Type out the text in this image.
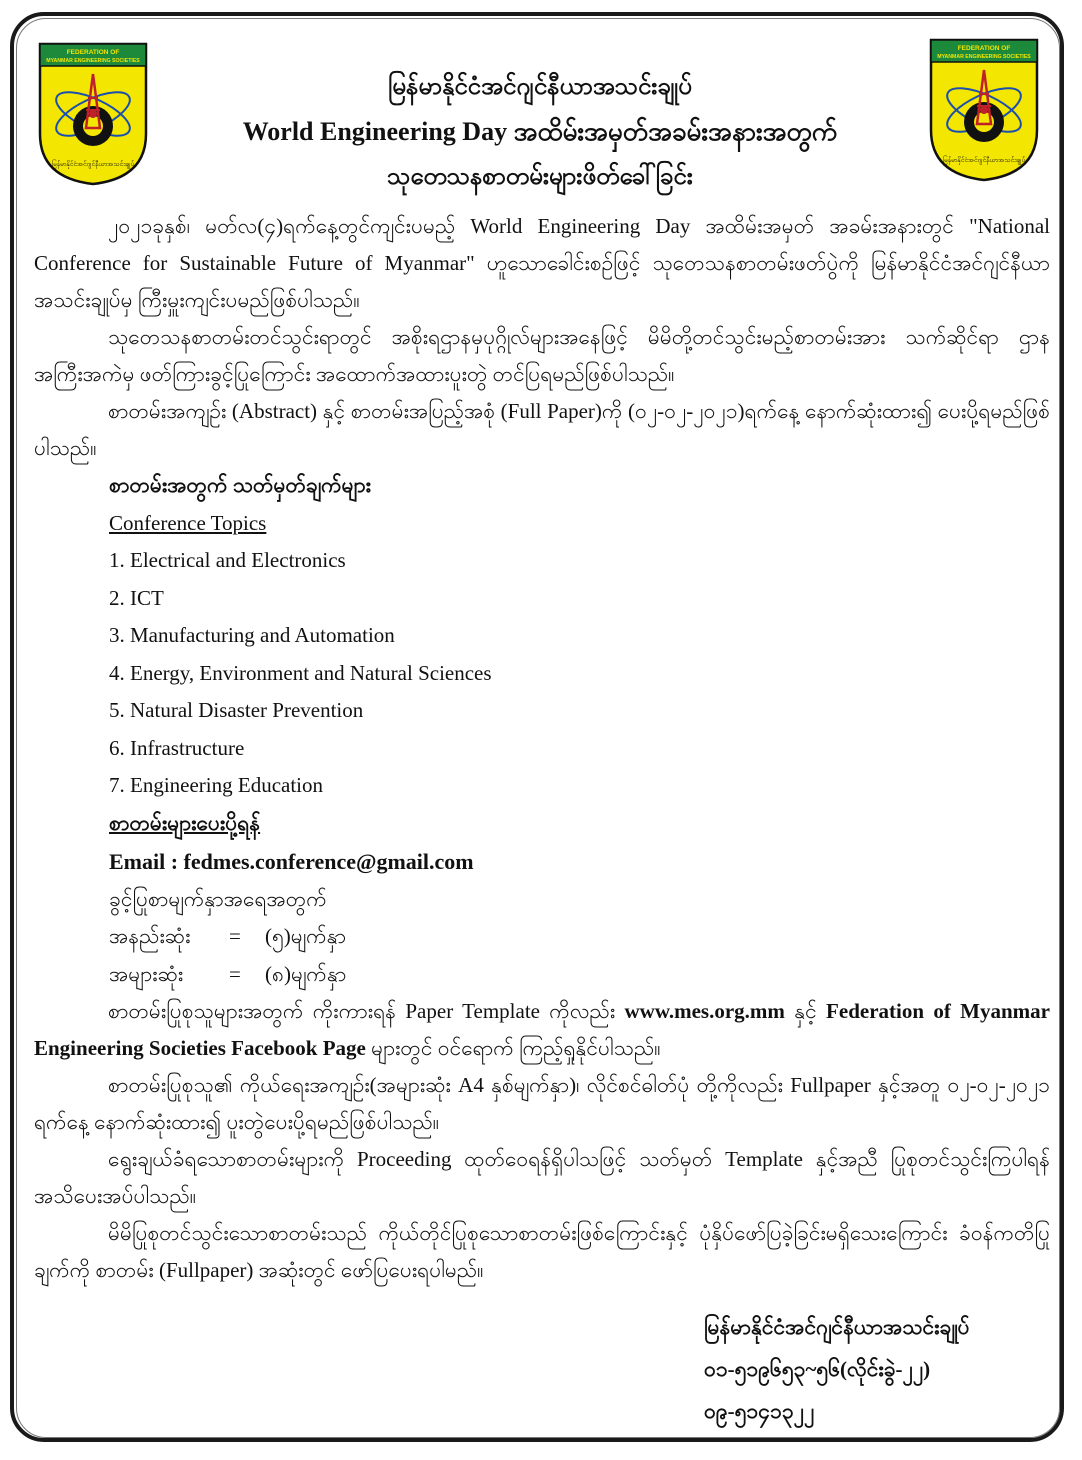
FEDERATION OF
MYANMAR ENGINEERING SOCIETIES
မြန်မာနိုင်ငံအင်ဂျင်နီယာအသင်းချုပ်
FEDERATION OF
MYANMAR ENGINEERING SOCIETIES
မြန်မာနိုင်ငံအင်ဂျင်နီယာအသင်းချုပ်
မြန်မာနိုင်ငံအင်ဂျင်နီယာအသင်းချုပ်
World Engineering Day အထိမ်းအမှတ်အခမ်းအနားအတွက်
သုတေသနစာတမ်းများဖိတ်ခေါ်ခြင်း

၂၀၂၁ခုနှစ်၊ မတ်လ(၄)ရက်နေ့တွင်ကျင်းပမည့် World Engineering Day အထိမ်းအမှတ် အခမ်းအနားတွင် "National Conference for Sustainable Future of Myanmar" ဟူသောခေါင်းစဉ်ဖြင့် သုတေသနစာတမ်းဖတ်ပွဲကို မြန်မာနိုင်ငံအင်ဂျင်နီယာအသင်းချုပ်မှ ကြီးမှူးကျင်းပမည်ဖြစ်ပါသည်။

သုတေသနစာတမ်းတင်သွင်းရာတွင် အစိုးရဌာနမှပုဂ္ဂိုလ်များအနေဖြင့် မိမိတို့တင်သွင်းမည့်စာတမ်းအား သက်ဆိုင်ရာ ဌာနအကြီးအကဲမှ ဖတ်ကြားခွင့်ပြုကြောင်း အထောက်အထားပူးတွဲ တင်ပြရမည်ဖြစ်ပါသည်။

စာတမ်းအကျဉ်း (Abstract) နှင့် စာတမ်းအပြည့်အစုံ (Full Paper)ကို (၀၂-၀၂-၂၀၂၁)ရက်နေ့ နောက်ဆုံးထား၍ ပေးပို့ရမည်ဖြစ်ပါသည်။

စာတမ်းအတွက် သတ်မှတ်ချက်များ

Conference Topics

1. Electrical and Electronics

2. ICT

3. Manufacturing and Automation

4. Energy, Environment and Natural Sciences

5. Natural Disaster Prevention

6. Infrastructure

7. Engineering Education

စာတမ်းများပေးပို့ရန်

Email : fedmes.conference@gmail.com

ခွင့်ပြုစာမျက်နှာအရေအတွက်

အနည်းဆုံး	=	(၅)မျက်နှာ
အများဆုံး	=	(၈)မျက်နှာ

စာတမ်းပြုစုသူများအတွက် ကိုးကားရန် Paper Template ကိုလည်း www.mes.org.mm နှင့် Federation of Myanmar Engineering Societies Facebook Page များတွင် ဝင်ရောက် ကြည့်ရှုနိုင်ပါသည်။

စာတမ်းပြုစုသူ၏ ကိုယ်ရေးအကျဉ်း(အများဆုံး A4 နှစ်မျက်နှာ)၊ လိုင်စင်ဓါတ်ပုံ တို့ကိုလည်း Fullpaper နှင့်အတူ ၀၂-၀၂-၂၀၂၁ ရက်နေ့ နောက်ဆုံးထား၍ ပူးတွဲပေးပို့ရမည်ဖြစ်ပါသည်။

ရွေးချယ်ခံရသောစာတမ်းများကို Proceeding ထုတ်ဝေရန်ရှိပါသဖြင့် သတ်မှတ် Template နှင့်အညီ ပြုစုတင်သွင်းကြပါရန် အသိပေးအပ်ပါသည်။

မိမိပြုစုတင်သွင်းသောစာတမ်းသည် ကိုယ်တိုင်ပြုစုသောစာတမ်းဖြစ်ကြောင်းနှင့် ပုံနှိပ်ဖော်ပြခဲ့ခြင်းမရှိသေးကြောင်း ခံဝန်ကတိပြုချက်ကို စာတမ်း (Fullpaper) အဆုံးတွင် ဖော်ပြပေးရပါမည်။

မြန်မာနိုင်ငံအင်ဂျင်နီယာအသင်းချုပ်
၀၁-၅၁၉၆၅၃~၅၆(လိုင်းခွဲ-၂၂)
၀၉-၅၁၄၁၃၂၂
